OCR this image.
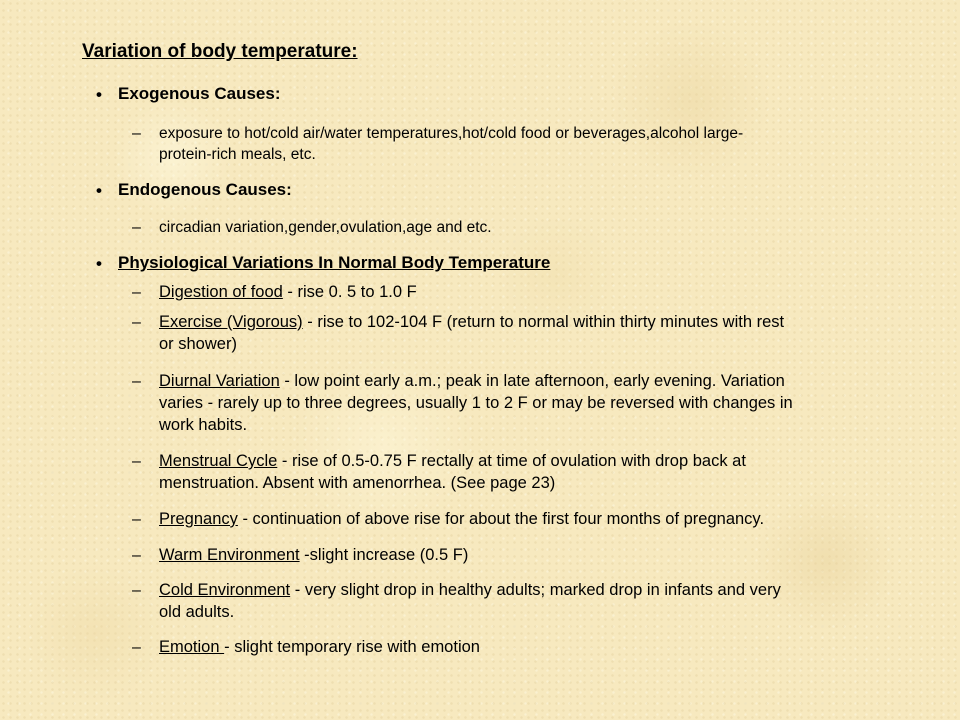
Variation of body temperature:
• Exogenous Causes:
– exposure to hot/cold air/water temperatures,hot/cold food or beverages,alcohol large-
protein-rich meals, etc.
• Endogenous Causes:
– circadian variation,gender,ovulation,age and etc.
• Physiological Variations In Normal Body Temperature
– Digestion of food - rise 0. 5 to 1.0 F
– Exercise (Vigorous) - rise to 102-104 F (return to normal within thirty minutes with rest
or shower)
– Diurnal Variation - low point early a.m.; peak in late afternoon, early evening. Variation
varies - rarely up to three degrees, usually 1 to 2 F or may be reversed with changes in
work habits.
– Menstrual Cycle - rise of 0.5-0.75 F rectally at time of ovulation with drop back at
menstruation. Absent with amenorrhea. (See page 23)
– Pregnancy - continuation of above rise for about the first four months of pregnancy.
– Warm Environment -slight increase (0.5 F)
– Cold Environment - very slight drop in healthy adults; marked drop in infants and very
old adults.
– Emotion - slight temporary rise with emotion
